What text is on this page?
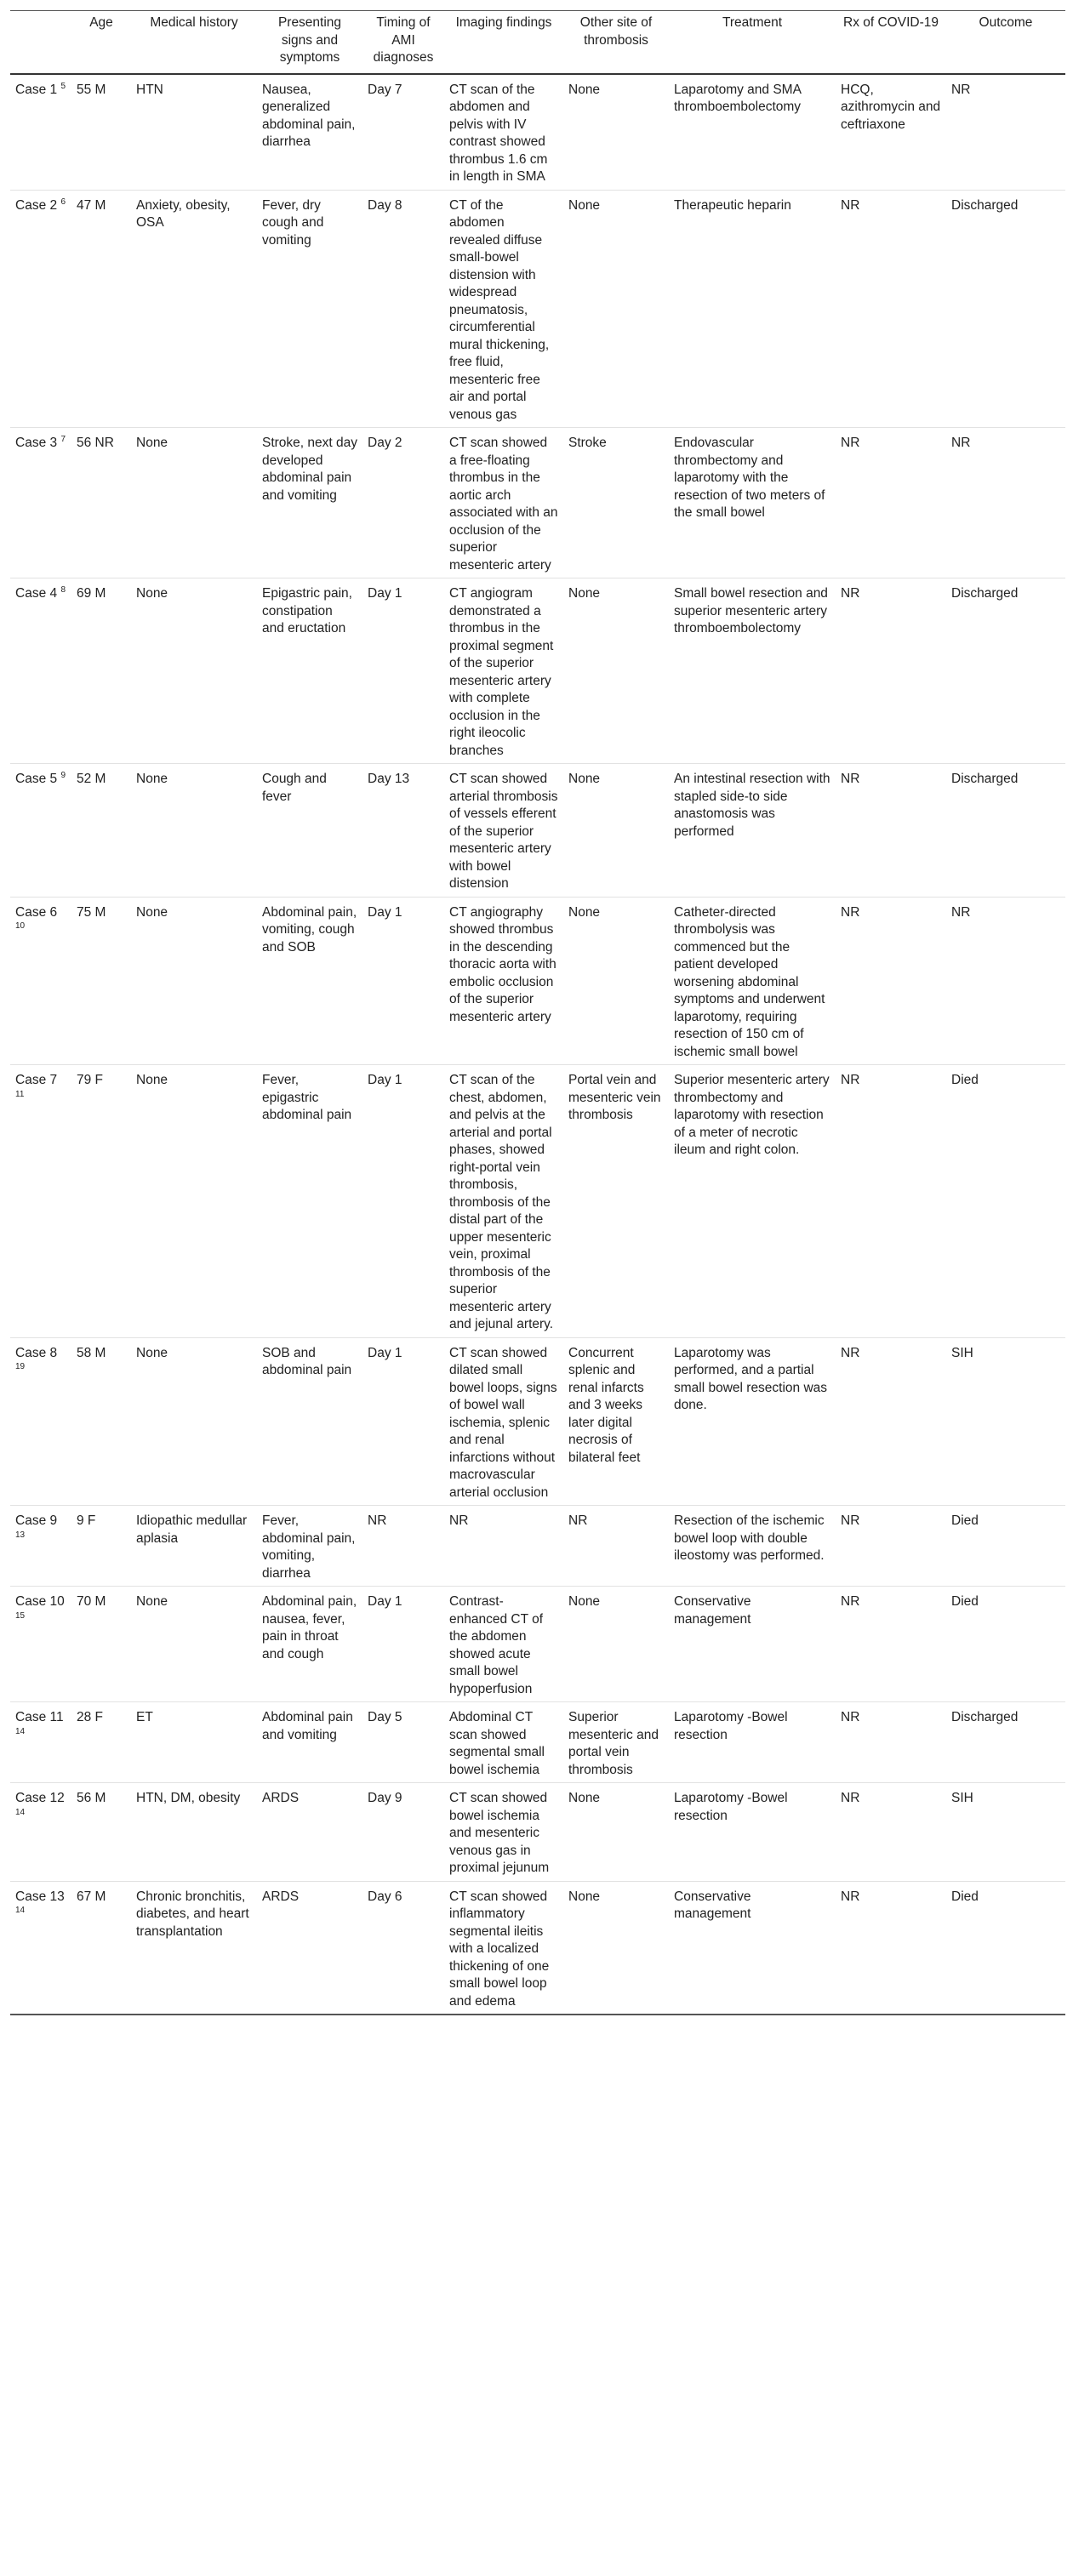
	Age	Medical history	Presenting signs and symptoms	Timing of AMI diagnoses	Imaging findings	Other site of thrombosis	Treatment	Rx of COVID-19	Outcome
Case 1 $^5$	55 M	HTN	Nausea, generalized abdominal pain, diarrhea	Day 7	CT scan of the abdomen and pelvis with IV contrast showed thrombus 1.6 cm in length in SMA	None	Laparotomy and SMA thromboembolectomy	HCQ, azithromycin and ceftriaxone	NR
Case 2 $^6$	47 M	Anxiety, obesity, OSA	Fever, dry cough and vomiting	Day 8	CT of the abdomen revealed diffuse small-bowel distension with widespread pneumatosis, circumferential mural thickening, free fluid, mesenteric free air and portal venous gas	None	Therapeutic heparin	NR	Discharged
Case 3 $^7$	56 NR	None	Stroke, next day developed abdominal pain and vomiting	Day 2	CT scan showed a free-floating thrombus in the aortic arch associated with an occlusion of the superior mesenteric artery	Stroke	Endovascular thrombectomy and laparotomy with the resection of two meters of the small bowel	NR	NR
Case 4 $^8$	69 M	None	Epigastric pain, constipation and eructation	Day 1	CT angiogram demonstrated a thrombus in the proximal segment of the superior mesenteric artery with complete occlusion in the right ileocolic branches	None	Small bowel resection and superior mesenteric artery thromboembolectomy	NR	Discharged
Case 5 $^9$	52 M	None	Cough and fever	Day 13	CT scan showed arterial thrombosis of vessels efferent of the superior mesenteric artery with bowel distension	None	An intestinal resection with stapled side-to side anastomosis was performed	NR	Discharged
Case 6 $^{10}$	75 M	None	Abdominal pain, vomiting, cough and SOB	Day 1	CT angiography showed thrombus in the descending thoracic aorta with embolic occlusion of the superior mesenteric artery	None	Catheter-directed thrombolysis was commenced but the patient developed worsening abdominal symptoms and underwent laparotomy, requiring resection of 150 cm of ischemic small bowel	NR	NR
Case 7 $^{11}$	79 F	None	Fever, epigastric abdominal pain	Day 1	CT scan of the chest, abdomen, and pelvis at the arterial and portal phases, showed right-portal vein thrombosis, thrombosis of the distal part of the upper mesenteric vein, proximal thrombosis of the superior mesenteric artery and jejunal artery.	Portal vein and mesenteric vein thrombosis	Superior mesenteric artery thrombectomy and laparotomy with resection of a meter of necrotic ileum and right colon.	NR	Died
Case 8 $^{19}$	58 M	None	SOB and abdominal pain	Day 1	CT scan showed dilated small bowel loops, signs of bowel wall ischemia, splenic and renal infarctions without macrovascular arterial occlusion	Concurrent splenic and renal infarcts and 3 weeks later digital necrosis of bilateral feet	Laparotomy was performed, and a partial small bowel resection was done.	NR	SIH
Case 9 $^{13}$	9 F	Idiopathic medullar aplasia	Fever, abdominal pain, vomiting, diarrhea	NR	NR	NR	Resection of the ischemic bowel loop with double ileostomy was performed.	NR	Died
Case 10 $^{15}$	70 M	None	Abdominal pain, nausea, fever, pain in throat and cough	Day 1	Contrast-enhanced CT of the abdomen showed acute small bowel hypoperfusion	None	Conservative management	NR	Died
Case 11 $^{14}$	28 F	ET	Abdominal pain and vomiting	Day 5	Abdominal CT scan showed segmental small bowel ischemia	Superior mesenteric and portal vein thrombosis	Laparotomy -Bowel resection	NR	Discharged
Case 12 $^{14}$	56 M	HTN, DM, obesity	ARDS	Day 9	CT scan showed bowel ischemia and mesenteric venous gas in proximal jejunum	None	Laparotomy -Bowel resection	NR	SIH
Case 13 $^{14}$	67 M	Chronic bronchitis, diabetes, and heart transplantation	ARDS	Day 6	CT scan showed inflammatory segmental ileitis with a localized thickening of one small bowel loop and edema	None	Conservative management	NR	Died
